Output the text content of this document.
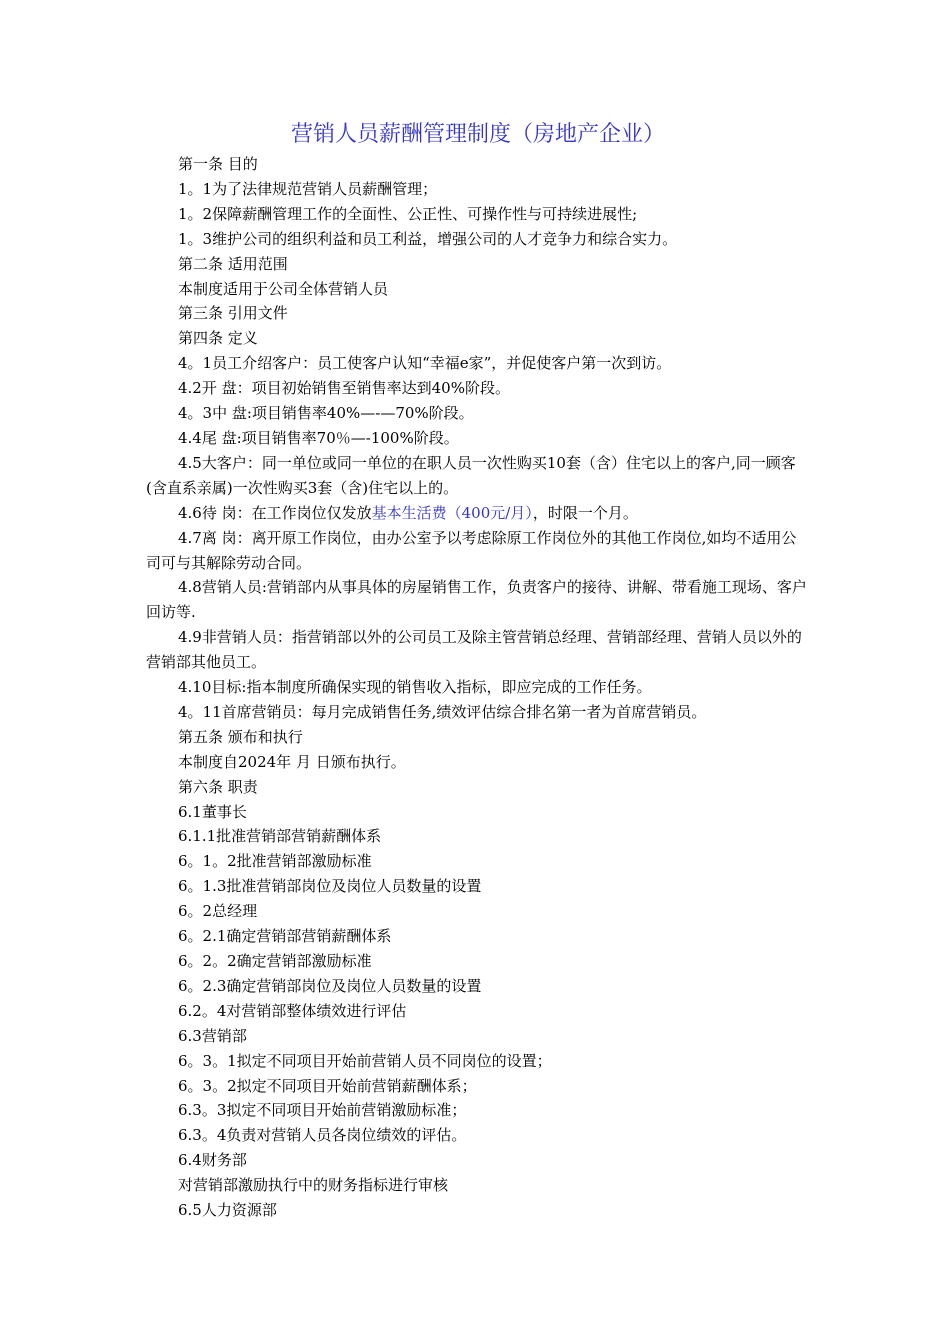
营销人员薪酬管理制度（房地产企业）

第一条 目的

1。1为了法律规范营销人员薪酬管理；

1。2保障薪酬管理工作的全面性、公正性、可操作性与可持续进展性;

1。3维护公司的组织利益和员工利益，增强公司的人才竞争力和综合实力。

第二条 适用范围

本制度适用于公司全体营销人员

第三条 引用文件

第四条 定义

4。1员工介绍客户：员工使客户认知“幸福e家”，并促使客户第一次到访。

4.2开 盘：项目初始销售至销售率达到40%阶段。

4。3中 盘:项目销售率40%—-—70%阶段。

4.4尾 盘:项目销售率70％—-100%阶段。

4.5大客户：同一单位或同一单位的在职人员一次性购买10套（含）住宅以上的客户,同一顾客(含直系亲属)一次性购买3套（含)住宅以上的。

4.6待 岗：在工作岗位仅发放基本生活费（400元/月），时限一个月。

4.7离 岗：离开原工作岗位，由办公室予以考虑除原工作岗位外的其他工作岗位,如均不适用公司可与其解除劳动合同。

4.8营销人员:营销部内从事具体的房屋销售工作，负责客户的接待、讲解、带看施工现场、客户回访等.

4.9非营销人员：指营销部以外的公司员工及除主管营销总经理、营销部经理、营销人员以外的营销部其他员工。

4.10目标:指本制度所确保实现的销售收入指标，即应完成的工作任务。

4。11首席营销员：每月完成销售任务,绩效评估综合排名第一者为首席营销员。

第五条 颁布和执行

本制度自2024年 月 日颁布执行。

第六条 职责

6.1董事长

6.1.1批准营销部营销薪酬体系

6。1。2批准营销部激励标准

6。1.3批准营销部岗位及岗位人员数量的设置

6。2总经理

6。2.1确定营销部营销薪酬体系

6。2。2确定营销部激励标准

6。2.3确定营销部岗位及岗位人员数量的设置

6.2。4对营销部整体绩效进行评估

6.3营销部

6。3。1拟定不同项目开始前营销人员不同岗位的设置；

6。3。2拟定不同项目开始前营销薪酬体系；

6.3。3拟定不同项目开始前营销激励标准；

6.3。4负责对营销人员各岗位绩效的评估。

6.4财务部

对营销部激励执行中的财务指标进行审核

6.5人力资源部
